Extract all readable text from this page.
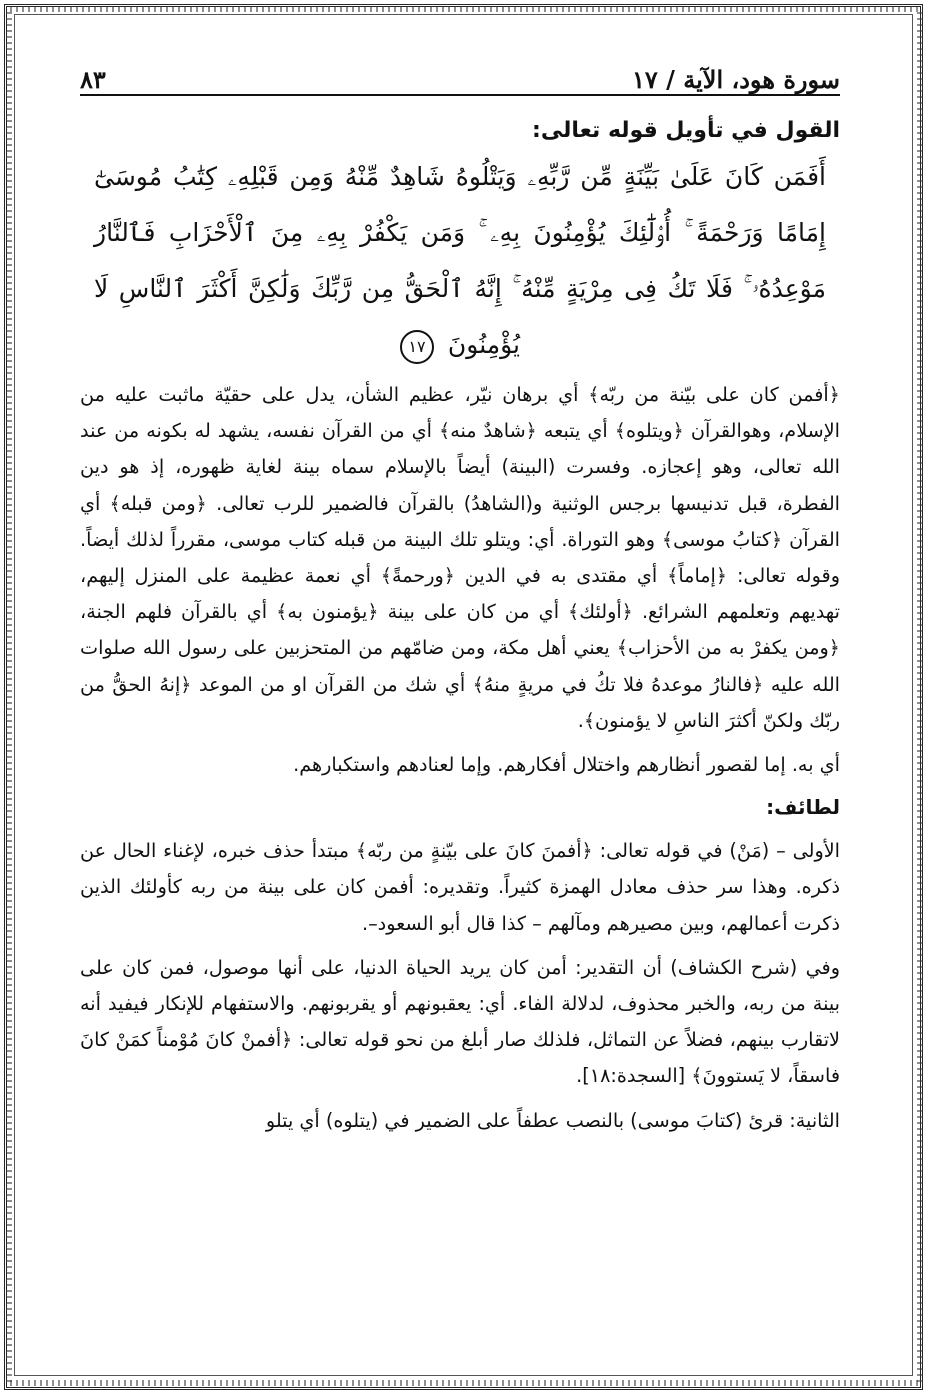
سورة هود، الآية / ١٧
٨٣
القول في تأويل قوله تعالى:
أَفَمَن كَانَ عَلَىٰ بَيِّنَةٍ مِّن رَّبِّهِۦ وَيَتْلُوهُ شَاهِدٌ مِّنْهُ وَمِن قَبْلِهِۦ كِتَٰبُ مُوسَىٰٓ إِمَامًا وَرَحْمَةً ۚ أُو۟لَٰٓئِكَ يُؤْمِنُونَ بِهِۦ ۚ وَمَن يَكْفُرْ بِهِۦ مِنَ ٱلْأَحْزَابِ فَٱلنَّارُ مَوْعِدُهُۥ ۚ فَلَا تَكُ فِى مِرْيَةٍ مِّنْهُ ۚ إِنَّهُ ٱلْحَقُّ مِن رَّبِّكَ وَلَٰكِنَّ أَكْثَرَ ٱلنَّاسِ لَا يُؤْمِنُونَ ١٧

﴿أفمن كان على بيّنة من ربّه﴾ أي برهان نيّر، عظيم الشأن، يدل على حقيّة ماثبت عليه من الإسلام، وهوالقرآن ﴿ويتلوه﴾ أي يتبعه ﴿شاهدٌ منه﴾ أي من القرآن نفسه، يشهد له بكونه من عند الله تعالى، وهو إعجازه. وفسرت (البينة) أيضاً بالإسلام سماه بينة لغاية ظهوره، إذ هو دين الفطرة، قبل تدنيسها برجس الوثنية و(الشاهدُ) بالقرآن فالضمير للرب تعالى. ﴿ومن قبله﴾ أي القرآن ﴿كتابُ موسى﴾ وهو التوراة. أي: ويتلو تلك البينة من قبله كتاب موسى، مقرراً لذلك أيضاً. وقوله تعالى: ﴿إماماً﴾ أي مقتدى به في الدين ﴿ورحمةً﴾ أي نعمة عظيمة على المنزل إليهم، تهديهم وتعلمهم الشرائع. ﴿أولئك﴾ أي من كان على بينة ﴿يؤمنون به﴾ أي بالقرآن فلهم الجنة، ﴿ومن يكفرْ به من الأحزاب﴾ يعني أهل مكة، ومن ضامّهم من المتحزبين على رسول الله صلوات الله عليه ﴿فالنارُ موعدهُ فلا تكُ في مريةٍ منهُ﴾ أي شك من القرآن او من الموعد ﴿إنهُ الحقُّ من ربّك ولكنّ أكثرَ الناسِ لا يؤمنون﴾.

أي به. إما لقصور أنظارهم واختلال أفكارهم. وإما لعنادهم واستكبارهم.

لطائف:

الأولى – (مَنْ) في قوله تعالى: ﴿أفمنَ كانَ على بيّنةٍ من ربّه﴾ مبتدأ حذف خبره، لإغناء الحال عن ذكره. وهذا سر حذف معادل الهمزة كثيراً. وتقديره: أفمن كان على بينة من ربه كأولئك الذين ذكرت أعمالهم، وبين مصيرهم ومآلهم – كذا قال أبو السعود–.

وفي (شرح الكشاف) أن التقدير: أمن كان يريد الحياة الدنيا، على أنها موصول، فمن كان على بينة من ربه، والخبر محذوف، لدلالة الفاء. أي: يعقبونهم أو يقربونهم. والاستفهام للإنكار فيفيد أنه لاتقارب بينهم، فضلاً عن التماثل، فلذلك صار أبلغ من نحو قوله تعالى: ﴿أفمنْ كانَ مُوْمناً كمَنْ كانَ فاسقاً، لا يَستوونَ﴾ [السجدة:١٨].

الثانية: قرئ (كتابَ موسى) بالنصب عطفاً على الضمير في (يتلوه) أي يتلو
